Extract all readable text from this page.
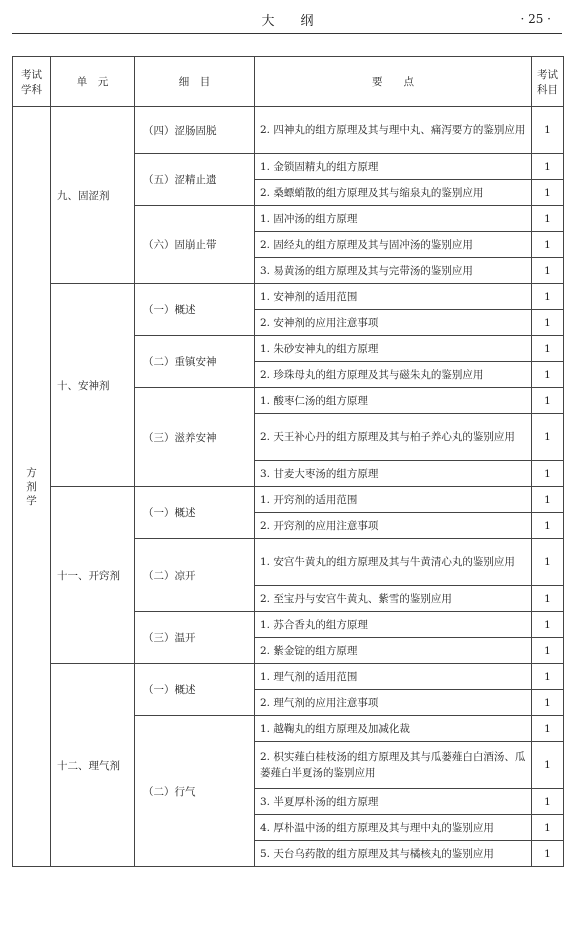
大　　纲	· 25 ·
考试学科	单　元	细　目	要　　点	考试科目
方剂学	九、固涩剂	（四）涩肠固脱	2. 四神丸的组方原理及其与理中丸、痛泻要方的鉴别应用	1
		（五）涩精止遗	1. 金锁固精丸的组方原理	1
			2. 桑螵蛸散的组方原理及其与缩泉丸的鉴别应用	1
		（六）固崩止带	1. 固冲汤的组方原理	1
			2. 固经丸的组方原理及其与固冲汤的鉴别应用	1
			3. 易黄汤的组方原理及其与完带汤的鉴别应用	1
	十、安神剂	（一）概述	1. 安神剂的适用范围	1
			2. 安神剂的应用注意事项	1
		（二）重镇安神	1. 朱砂安神丸的组方原理	1
			2. 珍珠母丸的组方原理及其与磁朱丸的鉴别应用	1
		（三）滋养安神	1. 酸枣仁汤的组方原理	1
			2. 天王补心丹的组方原理及其与柏子养心丸的鉴别应用	1
			3. 甘麦大枣汤的组方原理	1
	十一、开窍剂	（一）概述	1. 开窍剂的适用范围	1
			2. 开窍剂的应用注意事项	1
		（二）凉开	1. 安宫牛黄丸的组方原理及其与牛黄清心丸的鉴别应用	1
			2. 至宝丹与安宫牛黄丸、紫雪的鉴别应用	1
		（三）温开	1. 苏合香丸的组方原理	1
			2. 紫金锭的组方原理	1
	十二、理气剂	（一）概述	1. 理气剂的适用范围	1
			2. 理气剂的应用注意事项	1
		（二）行气	1. 越鞠丸的组方原理及加减化裁	1
			2. 枳实薤白桂枝汤的组方原理及其与瓜蒌薤白白酒汤、瓜蒌薤白半夏汤的鉴别应用	1
			3. 半夏厚朴汤的组方原理	1
			4. 厚朴温中汤的组方原理及其与理中丸的鉴别应用	1
			5. 天台乌药散的组方原理及其与橘核丸的鉴别应用	1
